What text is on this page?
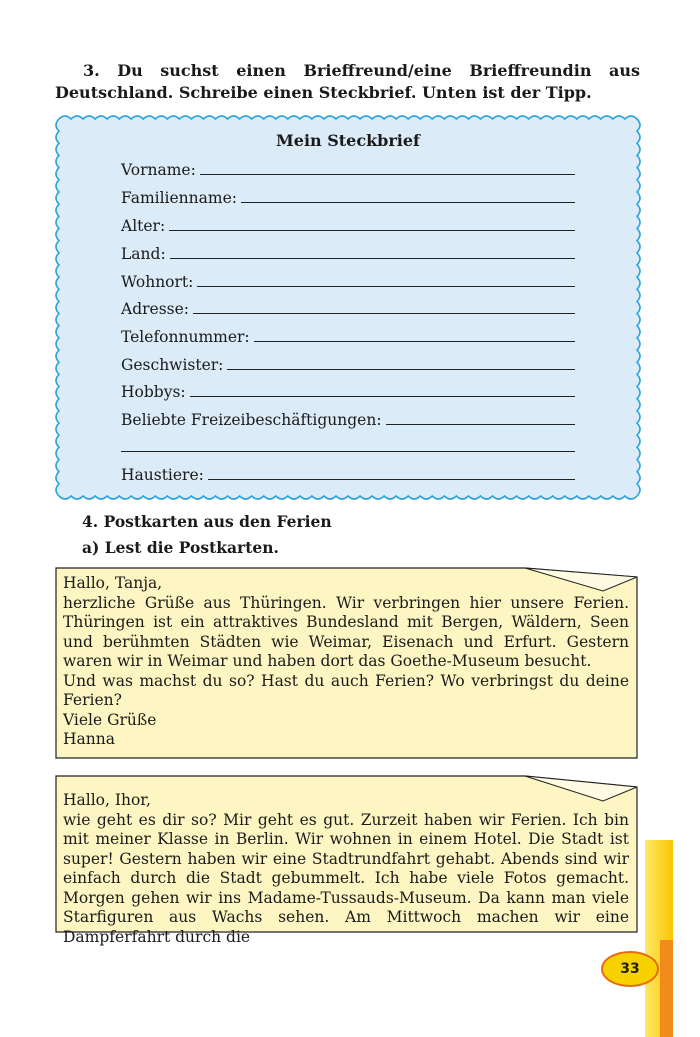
3. Du suchst einen Brieffreund/eine Brieffreundin aus Deutschland. Schreibe einen Steckbrief. Unten ist der Tipp.
Mein Steckbrief
Vorname:
Familienname:
Alter:
Land:
Wohnort:
Adresse:
Telefonnummer:
Geschwister:
Hobbys:
Beliebte Freizeibeschäftigungen:
Haustiere:
4. Postkarten aus den Ferien
a) Lest die Postkarten.
Hallo, Tanja,
herzliche Grüße aus Thüringen. Wir verbringen hier unsere Ferien. Thüringen ist ein attraktives Bundesland mit Bergen, Wäldern, Seen und berühmten Städten wie Weimar, Eisenach und Erfurt. Gestern waren wir in Weimar und haben dort das Goethe-Museum besucht.
Und was machst du so? Hast du auch Ferien? Wo verbringst du deine Ferien?
Viele Grüße
Hanna
Hallo, Ihor,
wie geht es dir so? Mir geht es gut. Zurzeit haben wir Ferien. Ich bin mit meiner Klasse in Berlin. Wir wohnen in einem Hotel. Die Stadt ist super! Gestern haben wir eine Stadtrundfahrt gehabt. Abends sind wir einfach durch die Stadt gebummelt. Ich habe viele Fotos gemacht. Morgen gehen wir ins Madame-Tussauds-Museum. Da kann man viele Starfiguren aus Wachs sehen. Am Mittwoch machen wir eine Dampferfahrt durch die
33
